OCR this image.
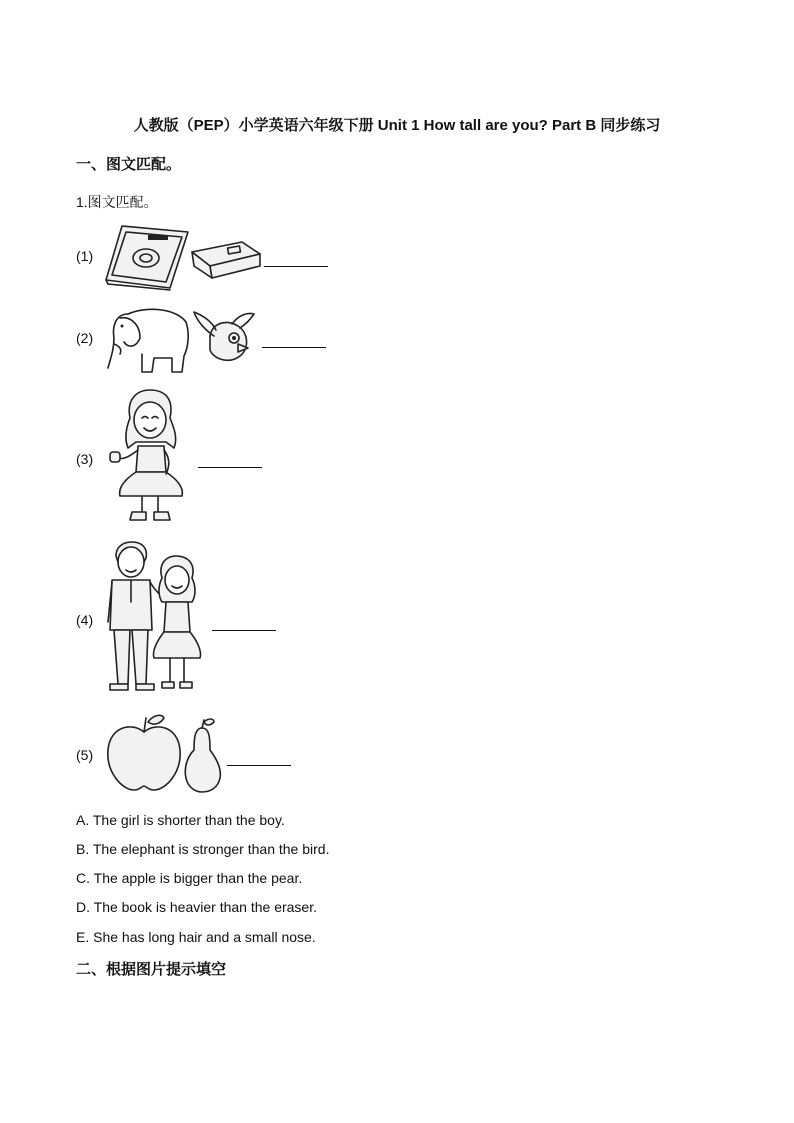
人教版（PEP）小学英语六年级下册 Unit 1 How tall are you? Part B 同步练习
一、图文匹配。
1.图文匹配。
(1)
(2)
(3)
(4)
(5)
A. The girl is shorter than the boy.
B. The elephant is stronger than the bird.
C. The apple is bigger than the pear.
D. The book is heavier than the eraser.
E. She has long hair and a small nose.
二、根据图片提示填空
